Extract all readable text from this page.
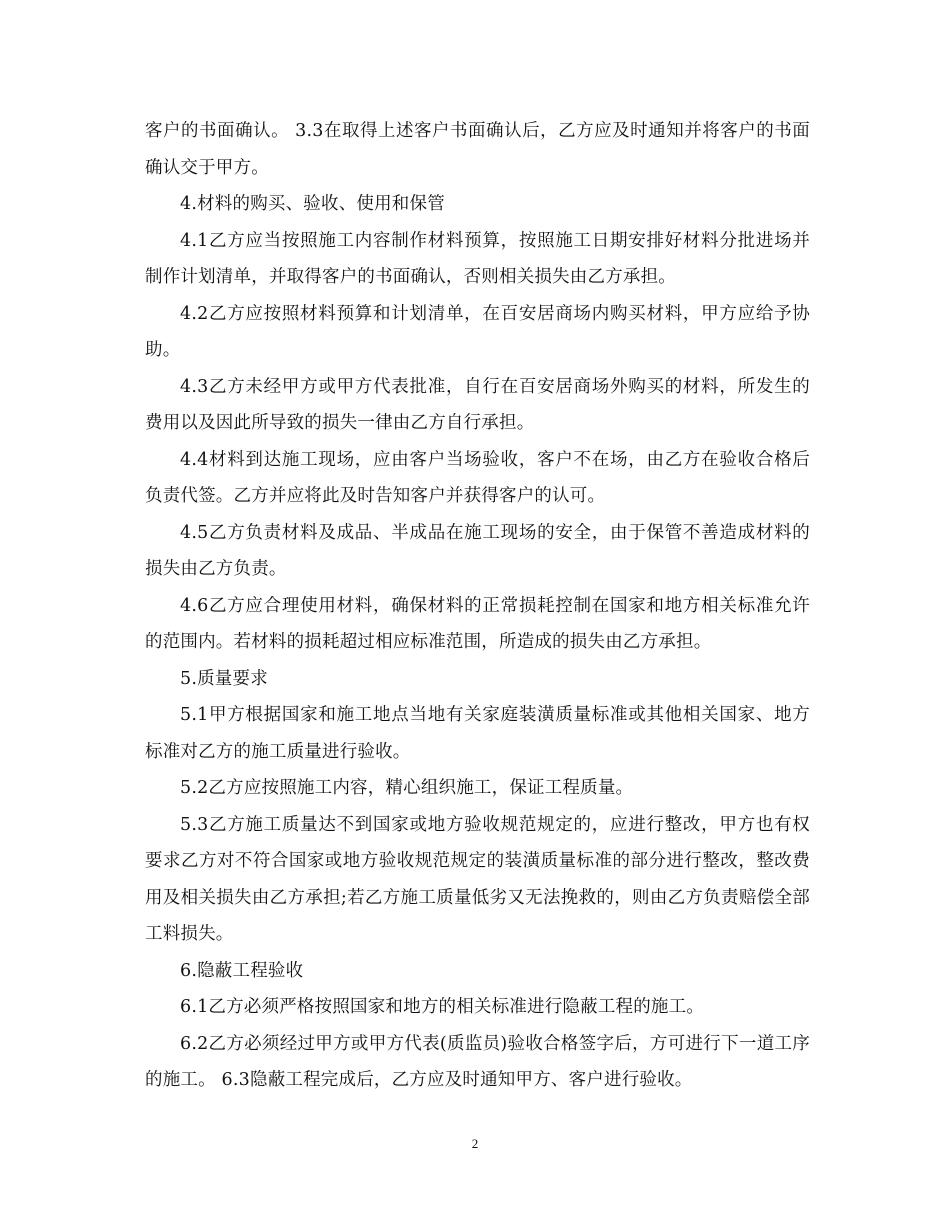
客户的书面确认。 3.3在取得上述客户书面确认后，乙方应及时通知并将客户的书面确认交于甲方。

4.材料的购买、验收、使用和保管

4.1乙方应当按照施工内容制作材料预算，按照施工日期安排好材料分批进场并制作计划清单，并取得客户的书面确认，否则相关损失由乙方承担。

4.2乙方应按照材料预算和计划清单，在百安居商场内购买材料，甲方应给予协助。

4.3乙方未经甲方或甲方代表批准，自行在百安居商场外购买的材料，所发生的费用以及因此所导致的损失一律由乙方自行承担。

4.4材料到达施工现场，应由客户当场验收，客户不在场，由乙方在验收合格后负责代签。乙方并应将此及时告知客户并获得客户的认可。

4.5乙方负责材料及成品、半成品在施工现场的安全，由于保管不善造成材料的损失由乙方负责。

4.6乙方应合理使用材料，确保材料的正常损耗控制在国家和地方相关标准允许的范围内。若材料的损耗超过相应标准范围，所造成的损失由乙方承担。

5.质量要求

5.1甲方根据国家和施工地点当地有关家庭装潢质量标准或其他相关国家、地方标准对乙方的施工质量进行验收。

5.2乙方应按照施工内容，精心组织施工，保证工程质量。

5.3乙方施工质量达不到国家或地方验收规范规定的，应进行整改，甲方也有权要求乙方对不符合国家或地方验收规范规定的装潢质量标准的部分进行整改，整改费用及相关损失由乙方承担;若乙方施工质量低劣又无法挽救的，则由乙方负责赔偿全部工料损失。

6.隐蔽工程验收

6.1乙方必须严格按照国家和地方的相关标准进行隐蔽工程的施工。

6.2乙方必须经过甲方或甲方代表(质监员)验收合格签字后，方可进行下一道工序的施工。 6.3隐蔽工程完成后，乙方应及时通知甲方、客户进行验收。

2
